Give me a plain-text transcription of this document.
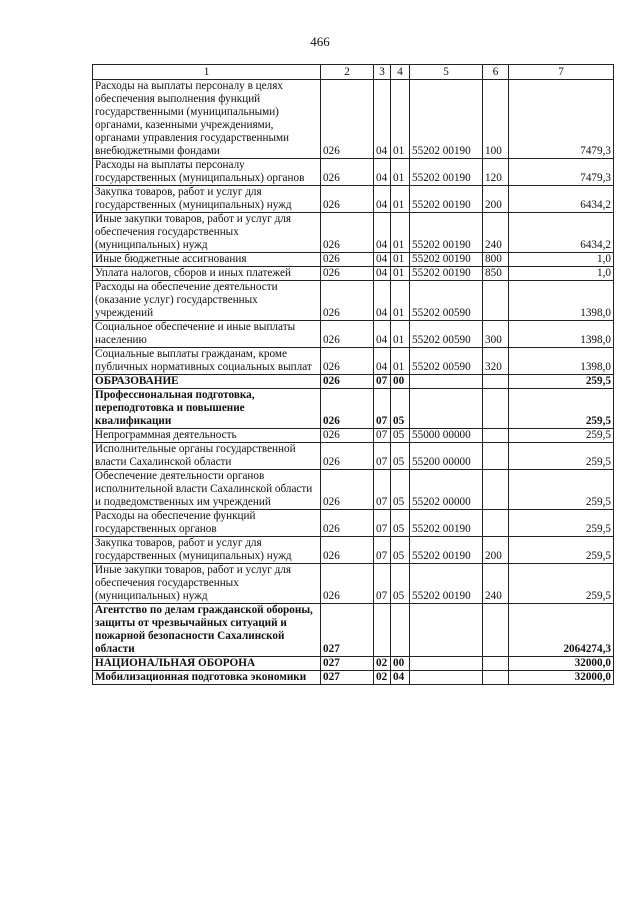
466
1	2	3	4	5	6	7
Расходы на выплаты персоналу в целях обеспечения выполнения функций государственными (муниципальными) органами, казенными учреждениями, органами управления государственными внебюджетными фондами	026	04	01	55202 00190	100	7479,3
Расходы на выплаты персоналу государственных (муниципальных) органов	026	04	01	55202 00190	120	7479,3
Закупка товаров, работ и услуг для государственных (муниципальных) нужд	026	04	01	55202 00190	200	6434,2
Иные закупки товаров, работ и услуг для обеспечения государственных (муниципальных) нужд	026	04	01	55202 00190	240	6434,2
Иные бюджетные ассигнования	026	04	01	55202 00190	800	1,0
Уплата налогов, сборов и иных платежей	026	04	01	55202 00190	850	1,0
Расходы на обеспечение деятельности (оказание услуг) государственных учреждений	026	04	01	55202 00590		1398,0
Социальное обеспечение и иные выплаты населению	026	04	01	55202 00590	300	1398,0
Социальные выплаты гражданам, кроме публичных нормативных социальных выплат	026	04	01	55202 00590	320	1398,0
ОБРАЗОВАНИЕ	026	07	00			259,5
Профессиональная подготовка, переподготовка и повышение квалификации	026	07	05			259,5
Непрограммная деятельность	026	07	05	55000 00000		259,5
Исполнительные органы государственной власти Сахалинской области	026	07	05	55200 00000		259,5
Обеспечение деятельности органов исполнительной власти Сахалинской области и подведомственных им учреждений	026	07	05	55202 00000		259,5
Расходы на обеспечение функций государственных органов	026	07	05	55202 00190		259,5
Закупка товаров, работ и услуг для государственных (муниципальных) нужд	026	07	05	55202 00190	200	259,5
Иные закупки товаров, работ и услуг для обеспечения государственных (муниципальных) нужд	026	07	05	55202 00190	240	259,5
Агентство по делам гражданской обороны, защиты от чрезвычайных ситуаций и пожарной безопасности Сахалинской области	027					2064274,3
НАЦИОНАЛЬНАЯ ОБОРОНА	027	02	00			32000,0
Мобилизационная подготовка экономики	027	02	04			32000,0
